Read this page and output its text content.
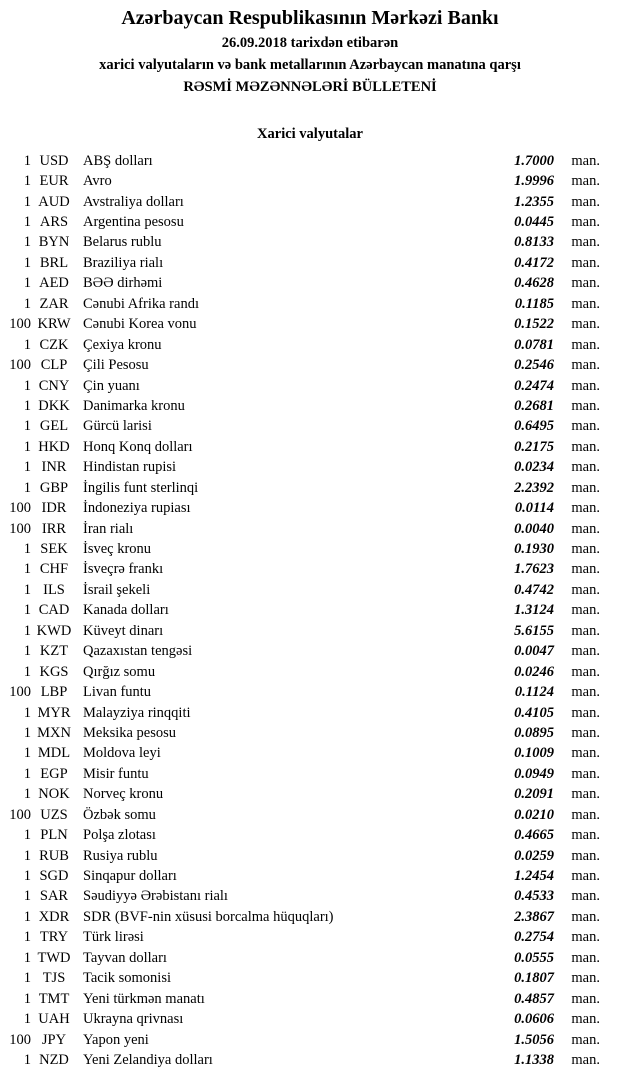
Azərbaycan Respublikasının Mərkəzi Bankı
26.09.2018 tarixdən etibarən
xarici valyutaların və bank metallarının Azərbaycan manatına qarşı
RƏSMİ MƏZƏNNƏLƏRİ BÜLLETENİ
Xarici valyutalar
1 USD	ABŞ dolları	1.7000	man.
1 EUR	Avro	1.9996	man.
1 AUD Avstraliya dolları	1.2355	man.
1 ARS	Argentina pesosu	0.0445	man.
1 BYN Belarus rublu	0.8133	man.
1 BRL	Braziliya rialı	0.4172	man.
1 AED BƏƏ dirhəmi	0.4628	man.
1 ZAR	Cənubi Afrika randı	0.1185	man.
100 KRW Cənubi Korea vonu	0.1522	man.
1 CZK	Çexiya kronu	0.0781	man.
100 CLP	Çili Pesosu	0.2546	man.
1 CNY Çin yuanı	0.2474	man.
1 DKK Danimarka kronu	0.2681	man.
1 GEL	Gürcü larisi	0.6495	man.
1 HKD Honq Konq dolları	0.2175	man.
1 INR	Hindistan rupisi	0.0234	man.
1 GBP	İngilis funt sterlinqi	2.2392	man.
100 IDR	İndoneziya rupiası	0.0114	man.
100 IRR	İran rialı	0.0040	man.
1 SEK	İsveç kronu	0.1930	man.
1 CHF	İsveçrə frankı	1.7623	man.
1 ILS	İsrail şekeli	0.4742	man.
1 CAD Kanada dolları	1.3124	man.
1 KWD Küveyt dinarı	5.6155	man.
1 KZT	Qazaxıstan tengəsi	0.0047	man.
1 KGS	Qırğız somu	0.0246	man.
100 LBP	Livan funtu	0.1124	man.
1 MYR Malayziya rinqqiti	0.4105	man.
1 MXN Meksika pesosu	0.0895	man.
1 MDL Moldova leyi	0.1009	man.
1 EGP	Misir funtu	0.0949	man.
1 NOK Norveç kronu	0.2091	man.
100 UZS	Özbək somu	0.0210	man.
1 PLN	Polşa zlotası	0.4665	man.
1 RUB Rusiya rublu	0.0259	man.
1 SGD	Sinqapur dolları	1.2454	man.
1 SAR	Səudiyyə Ərəbistanı rialı	0.4533	man.
1 XDR SDR (BVF-nin xüsusi borcalma hüquqları)	2.3867	man.
1 TRY	Türk lirəsi	0.2754	man.
1 TWD Tayvan dolları	0.0555	man.
1 TJS	Tacik somonisi	0.1807	man.
1 TMT Yeni türkmən manatı	0.4857	man.
1 UAH Ukrayna qrivnası	0.0606	man.
100 JPY	Yapon yeni	1.5056	man.
1 NZD Yeni Zelandiya dolları	1.1338	man.
